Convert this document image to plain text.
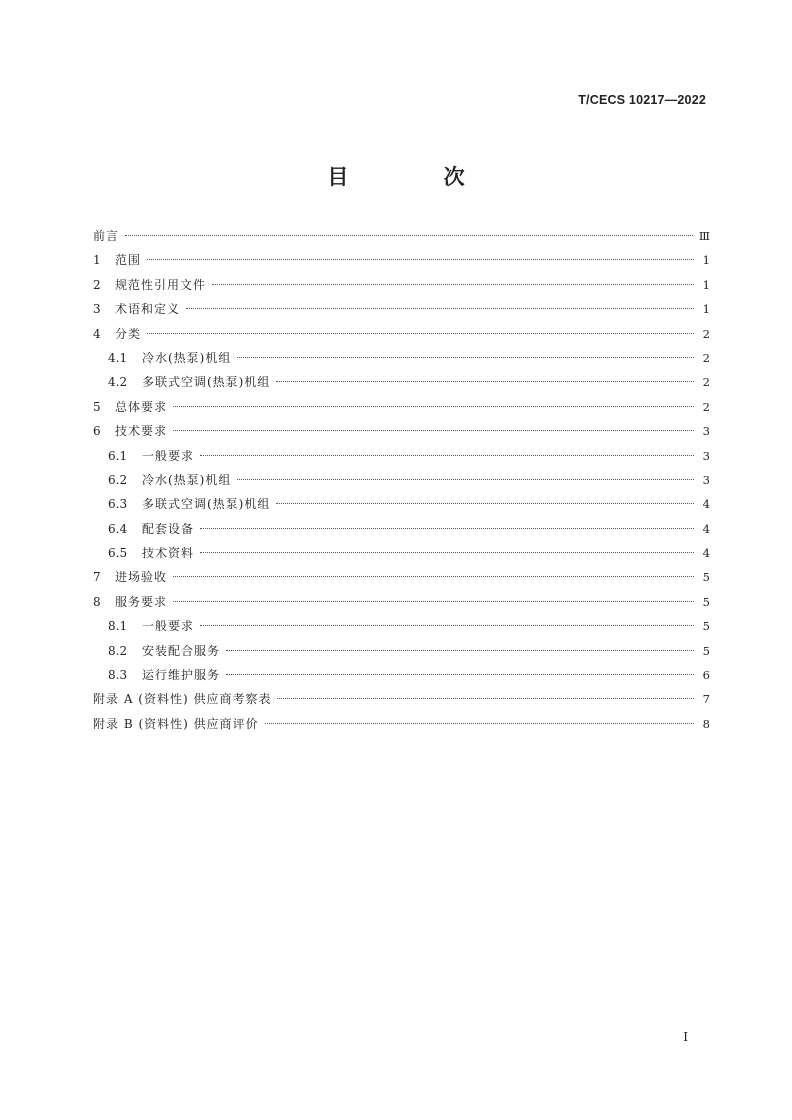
T/CECS 10217—2022
目 次
前言	Ⅲ
1	范围	1
2	规范性引用文件	1
3	术语和定义	1
4	分类	2
4.1	冷水(热泵)机组	2
4.2	多联式空调(热泵)机组	2
5	总体要求	2
6	技术要求	3
6.1	一般要求	3
6.2	冷水(热泵)机组	3
6.3	多联式空调(热泵)机组	4
6.4	配套设备	4
6.5	技术资料	4
7	进场验收	5
8	服务要求	5
8.1	一般要求	5
8.2	安装配合服务	5
8.3	运行维护服务	6
附录 A (资料性) 供应商考察表	7
附录 B (资料性) 供应商评价	8
I
